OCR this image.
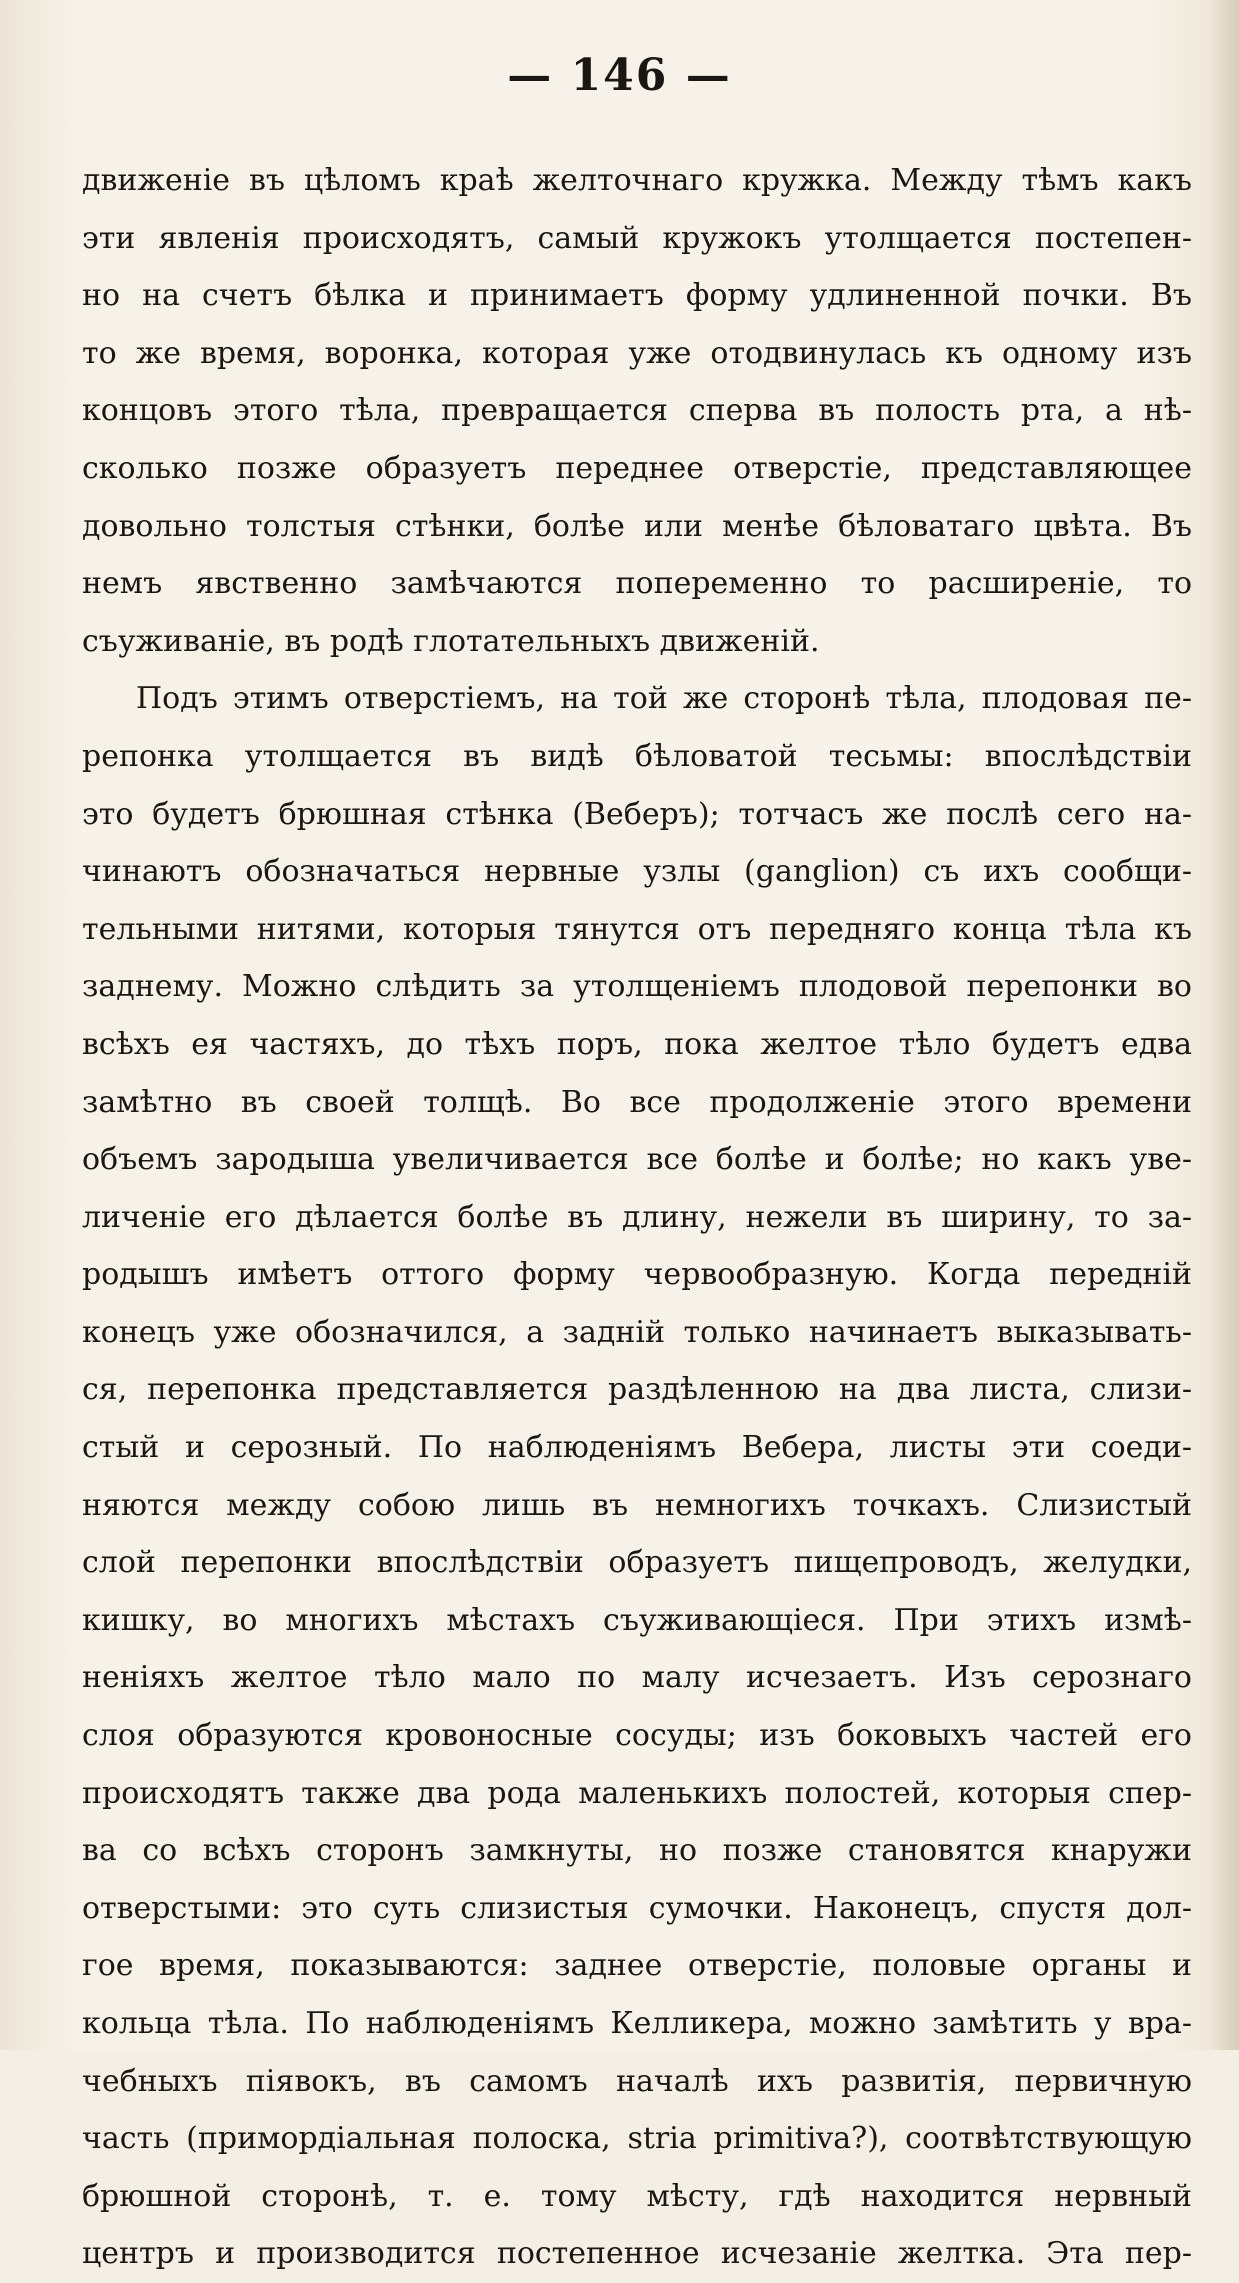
— 146 —
движеніе въ цѣломъ краѣ желточнаго кружка. Между тѣмъ какъ
эти явленія происходятъ, самый кружокъ утолщается постепен-
но на счетъ бѣлка и принимаетъ форму удлиненной почки. Въ
то же время, воронка, которая уже отодвинулась къ одному изъ
концовъ этого тѣла, превращается сперва въ полость рта, а нѣ-
сколько позже образуетъ переднее отверстіе, представляющее
довольно толстыя стѣнки, болѣе или менѣе бѣловатаго цвѣта. Въ
немъ явственно замѣчаются попеременно то расширеніе, то
съуживаніе, въ родѣ глотательныхъ движеній.
Подъ этимъ отверстіемъ, на той же сторонѣ тѣла, плодовая пе-
репонка утолщается въ видѣ бѣловатой тесьмы: впослѣдствіи
это будетъ брюшная стѣнка (Веберъ); тотчасъ же послѣ сего на-
чинаютъ обозначаться нервные узлы (ganglion) съ ихъ сообщи-
тельными нитями, которыя тянутся отъ передняго конца тѣла къ
заднему. Можно слѣдить за утолщеніемъ плодовой перепонки во
всѣхъ ея частяхъ, до тѣхъ поръ, пока желтое тѣло будетъ едва
замѣтно въ своей толщѣ. Во все продолженіе этого времени
объемъ зародыша увеличивается все болѣе и болѣе; но какъ уве-
личеніе его дѣлается болѣе въ длину, нежели въ ширину, то за-
родышъ имѣетъ оттого форму червообразную. Когда передній
конецъ уже обозначился, а задній только начинаетъ выказывать-
ся, перепонка представляется раздѣленною на два листа, слизи-
стый и серозный. По наблюденіямъ Вебера, листы эти соеди-
няются между собою лишь въ немногихъ точкахъ. Слизистый
слой перепонки впослѣдствіи образуетъ пищепроводъ, желудки,
кишку, во многихъ мѣстахъ съуживающіеся. При этихъ измѣ-
неніяхъ желтое тѣло мало по малу исчезаетъ. Изъ серознаго
слоя образуются кровоносные сосуды; изъ боковыхъ частей его
происходятъ также два рода маленькихъ полостей, которыя спер-
ва со всѣхъ сторонъ замкнуты, но позже становятся кнаружи
отверстыми: это суть слизистыя сумочки. Наконецъ, спустя дол-
гое время, показываются: заднее отверстіе, половые органы и
кольца тѣла. По наблюденіямъ Келликера, можно замѣтить у вра-
чебныхъ піявокъ, въ самомъ началѣ ихъ развитія, первичную
часть (примордіальная полоска, stria primitiva?), соотвѣтствующую
брюшной сторонѣ, т. е. тому мѣсту, гдѣ находится нервный
центръ и производится постепенное исчезаніе желтка. Эта пер-
